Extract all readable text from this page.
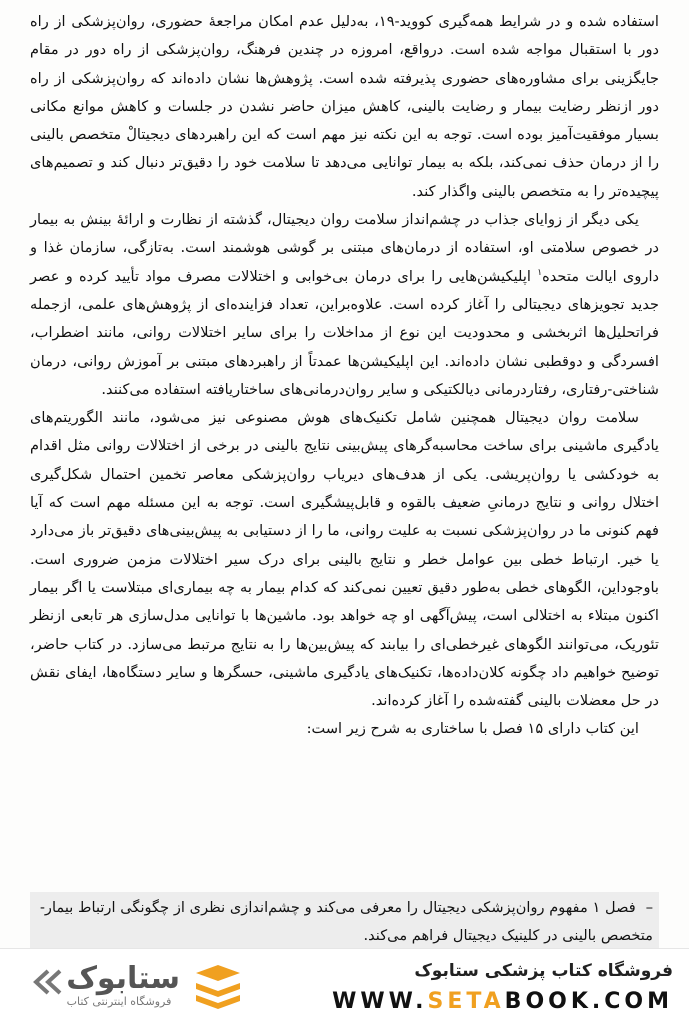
استفاده شده و در شرایط همه‌گیری کووید-۱۹، به‌دلیل عدم امکان مراجعهٔ حضوری، روان‌پزشکی از راه دور با استقبال مواجه شده است. درواقع، امروزه در چندین فرهنگ، روان‌پزشکی از راه دور در مقام جایگزینی برای مشاوره‌های حضوری پذیرفته شده است. پژوهش‌ها نشان داده‌اند که روان‌پزشکی از راه دور ازنظر رضایت بیمار و رضایت بالینی، کاهش میزان حاضر نشدن در جلسات و کاهش موانع مکانی بسیار موفقیت‌آمیز بوده است. توجه به این نکته نیز مهم است که این راهبردهای دیجیتالْ متخصص بالینی را از درمان حذف نمی‌کند، بلکه به بیمار توانایی می‌دهد تا سلامت خود را دقیق‌تر دنبال کند و تصمیم‌های پیچیده‌تر را به متخصص بالینی واگذار کند.

یکی دیگر از زوایای جذاب در چشم‌انداز سلامت روان دیجیتال، گذشته از نظارت و ارائهٔ بینش به بیمار در خصوص سلامتی او، استفاده از درمان‌های مبتنی بر گوشی هوشمند است. به‌تازگی، سازمان غذا و داروی ایالت متحده$^۱$ اپلیکیشن‌هایی را برای درمان بی‌خوابی و اختلالات مصرف مواد تأیید کرده و عصر جدید تجویزهای دیجیتالی را آغاز کرده است. علاوه‌براین، تعداد فزاینده‌ای از پژوهش‌های علمی، ازجمله فراتحلیل‌ها اثربخشی و محدودیت این نوع از مداخلات را برای سایر اختلالات روانی، مانند اضطراب، افسردگی و دوقطبی نشان داده‌اند. این اپلیکیشن‌ها عمدتاً از راهبردهای مبتنی بر آموزش روانی، درمان شناختی-رفتاری، رفتاردرمانی دیالکتیکی و سایر روان‌درمانی‌های ساختاریافته استفاده می‌کنند.

سلامت روان دیجیتال همچنین شامل تکنیک‌های هوش مصنوعی نیز می‌شود، مانند الگوریتم‌های یادگیری ماشینی برای ساخت محاسبه‌گرهای پیش‌بینی نتایج بالینی در برخی از اختلالات روانی مثل اقدام به خودکشی یا روان‌پریشی. یکی از هدف‌های دیریاب روان‌پزشکی معاصر تخمین احتمال شکل‌گیری اختلال روانی و نتایج درمانیِ ضعیف بالقوه و قابل‌پیشگیری است. توجه به این مسئله مهم است که آیا فهم کنونی ما در روان‌پزشکی نسبت به علیت روانی، ما را از دستیابی به پیش‌بینی‌های دقیق‌تر باز می‌دارد یا خیر. ارتباط خطی بین عوامل خطر و نتایج بالینی برای درک سیر اختلالات مزمن ضروری است. باوجوداین، الگوهای خطی به‌طور دقیق تعیین نمی‌کند که کدام بیمار به چه بیماری‌ای مبتلاست یا اگر بیمار اکنون مبتلاء به اختلالی است، پیش‌آگهی او چه خواهد بود. ماشین‌ها با توانایی مدل‌سازی هر تابعی ازنظر تئوریک، می‌توانند الگوهای غیرخطی‌ای را بیابند که پیش‌بین‌ها را به نتایج مرتبط می‌سازد. در کتاب حاضر، توضیح خواهیم داد چگونه کلان‌داده‌ها، تکنیک‌های یادگیری ماشینی، حسگرها و سایر دستگاه‌ها، ایفای نقش در حل معضلات بالینی گفته‌شده را آغاز کرده‌اند.

این کتاب دارای ۱۵ فصل با ساختاری به شرح زیر است:

–فصل ۱ مفهوم روان‌پزشکی دیجیتال را معرفی می‌کند و چشم‌اندازی نظری از چگونگی ارتباط بیمار- متخصص بالینی در کلینیک دیجیتال فراهم می‌کند.
ستابوک
فروشگاه اینترنتی کتاب
فروشگاه کتاب پزشکی ستابوک
WWW.SETABOOK.COM
